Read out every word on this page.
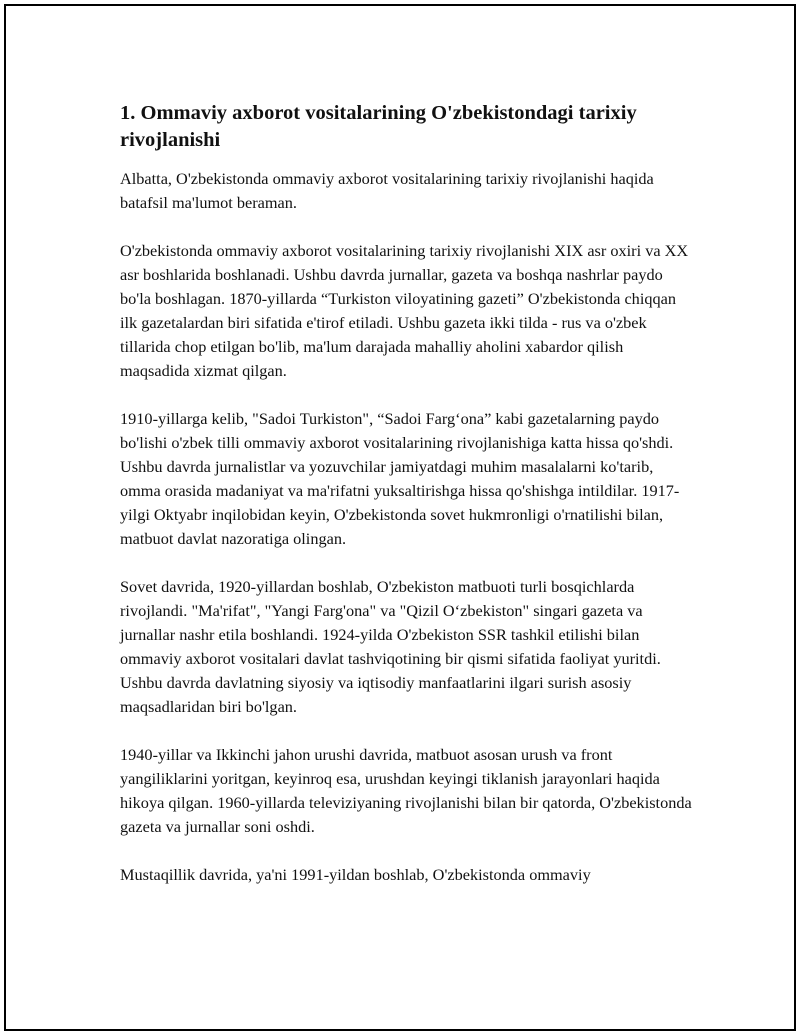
1. Ommaviy axborot vositalarining O'zbekistondagi tarixiy rivojlanishi

Albatta, O'zbekistonda ommaviy axborot vositalarining tarixiy rivojlanishi haqida batafsil ma'lumot beraman.

O'zbekistonda ommaviy axborot vositalarining tarixiy rivojlanishi XIX asr oxiri va XX asr boshlarida boshlanadi. Ushbu davrda jurnallar, gazeta va boshqa nashrlar paydo bo'la boshlagan. 1870-yillarda “Turkiston viloyatining gazeti” O'zbekistonda chiqqan ilk gazetalardan biri sifatida e'tirof etiladi. Ushbu gazeta ikki tilda - rus va o'zbek tillarida chop etilgan bo'lib, ma'lum darajada mahalliy aholini xabardor qilish maqsadida xizmat qilgan.

1910-yillarga kelib, "Sadoi Turkiston", “Sadoi Farg‘ona” kabi gazetalarning paydo bo'lishi o'zbek tilli ommaviy axborot vositalarining rivojlanishiga katta hissa qo'shdi. Ushbu davrda jurnalistlar va yozuvchilar jamiyatdagi muhim masalalarni ko'tarib, omma orasida madaniyat va ma'rifatni yuksaltirishga hissa qo'shishga intildilar. 1917-yilgi Oktyabr inqilobidan keyin, O'zbekistonda sovet hukmronligi o'rnatilishi bilan, matbuot davlat nazoratiga olingan.

Sovet davrida, 1920-yillardan boshlab, O'zbekiston matbuoti turli bosqichlarda rivojlandi. "Ma'rifat", "Yangi Farg'ona" va "Qizil O‘zbekiston" singari gazeta va jurnallar nashr etila boshlandi. 1924-yilda O'zbekiston SSR tashkil etilishi bilan ommaviy axborot vositalari davlat tashviqotining bir qismi sifatida faoliyat yuritdi. Ushbu davrda davlatning siyosiy va iqtisodiy manfaatlarini ilgari surish asosiy maqsadlaridan biri bo'lgan.

1940-yillar va Ikkinchi jahon urushi davrida, matbuot asosan urush va front yangiliklarini yoritgan, keyinroq esa, urushdan keyingi tiklanish jarayonlari haqida hikoya qilgan. 1960-yillarda televiziyaning rivojlanishi bilan bir qatorda, O'zbekistonda gazeta va jurnallar soni oshdi.

Mustaqillik davrida, ya'ni 1991-yildan boshlab, O'zbekistonda ommaviy
